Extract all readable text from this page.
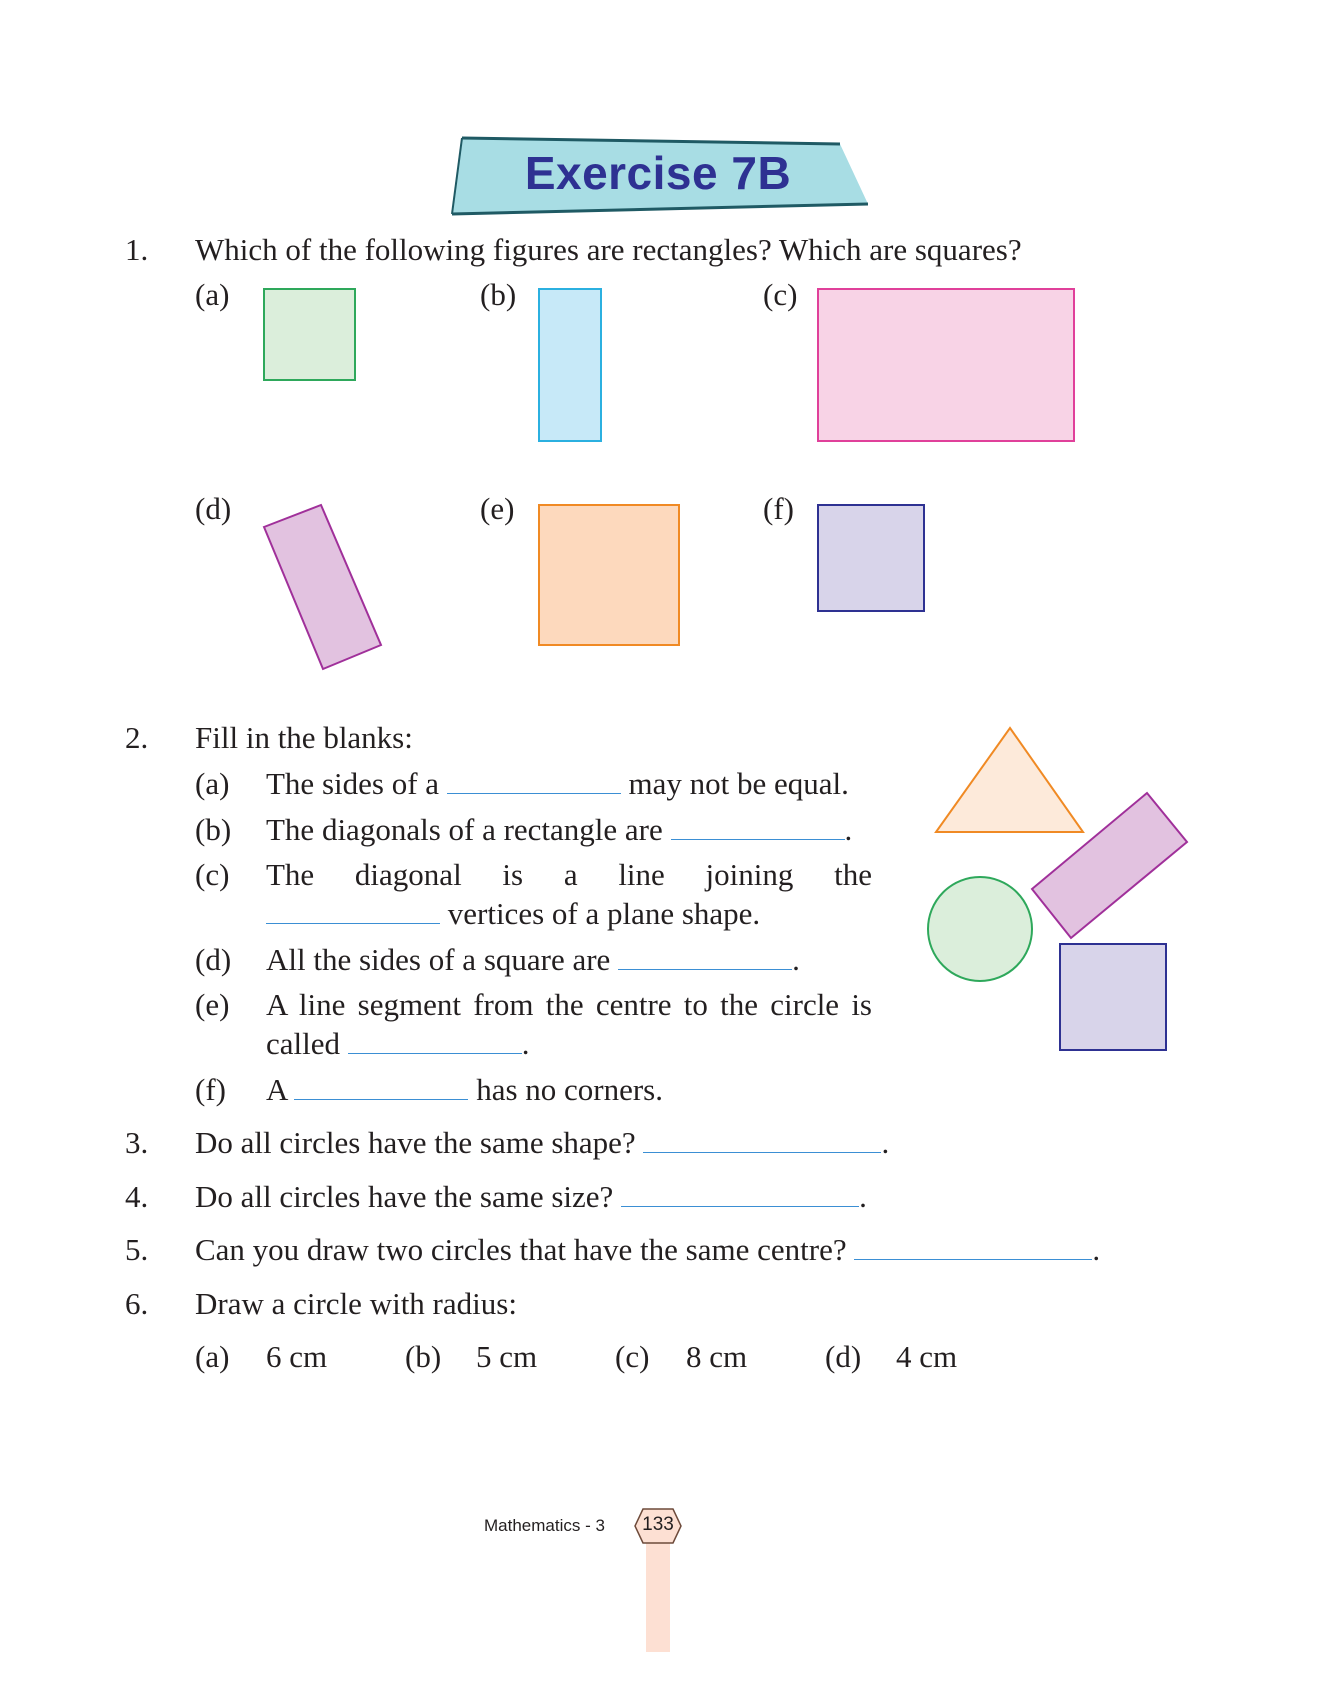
Exercise 7B
1. Which of the following figures are rectangles? Which are squares?
(a)	(b)	(c)
(d)	(e)	(f)
2. Fill in the blanks:
(a) The sides of a	may not be equal.
(b) The diagonals of a rectangle are	.
(c) The diagonal is a line joining the
vertices of a plane shape.
(d) All the sides of a square are	.
(e) A line segment from the centre to the circle is
called	.
(f) A	has no corners.
3. Do all circles have the same shape?	.
4. Do all circles have the same size?	.
5. Can you draw two circles that have the same centre?	.
6. Draw a circle with radius:
(a) 6 cm	(b) 5 cm	(c) 8 cm	(d) 4 cm
Mathematics - 3	133
